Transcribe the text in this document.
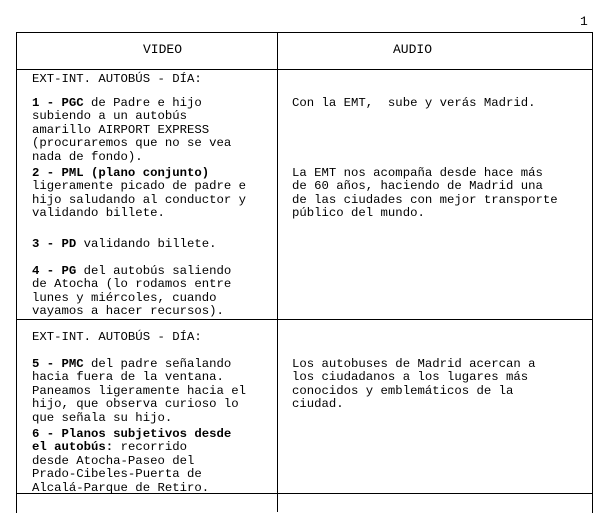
1
VIDEO	AUDIO
EXT-INT. AUTOBÚS - DÍA:
1 - PGC de Padre e hijo
subiendo a un autobús
amarillo AIRPORT EXPRESS
(procuraremos que no se vea
nada de fondo).
2 - PML (plano conjunto)
ligeramente picado de padre e
hijo saludando al conductor y
validando billete.
3 - PD validando billete.
4 - PG del autobús saliendo
de Atocha (lo rodamos entre
lunes y miércoles, cuando
vayamos a hacer recursos).
Con la EMT,  sube y verás Madrid.
La EMT nos acompaña desde hace más
de 60 años, haciendo de Madrid una
de las ciudades con mejor transporte
público del mundo.
EXT-INT. AUTOBÚS - DÍA:
5 - PMC del padre señalando
hacia fuera de la ventana.
Paneamos ligeramente hacia el
hijo, que observa curioso lo
que señala su hijo.
6 - Planos subjetivos desde
el autobús: recorrido
desde Atocha-Paseo del
Prado-Cibeles-Puerta de
Alcalá-Parque de Retiro.
Los autobuses de Madrid acercan a
los ciudadanos a los lugares más
conocidos y emblemáticos de la
ciudad.
